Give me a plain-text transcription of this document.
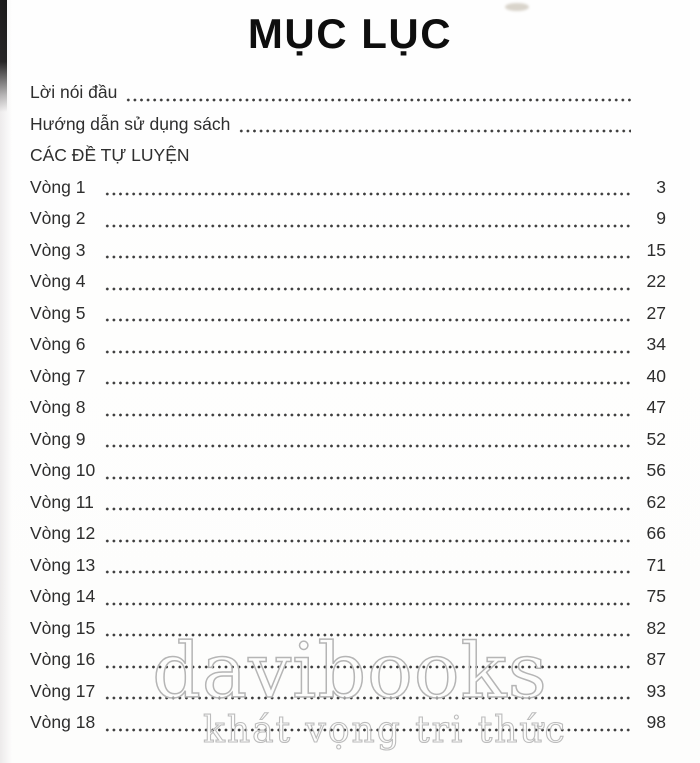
MỤC LỤC
Lời nói đầu
Hướng dẫn sử dụng sách
CÁC ĐỀ TỰ LUYỆN
Vòng 1	3
Vòng 2	9
Vòng 3	15
Vòng 4	22
Vòng 5	27
Vòng 6	34
Vòng 7	40
Vòng 8	47
Vòng 9	52
Vòng 10	56
Vòng 11	62
Vòng 12	66
Vòng 13	71
Vòng 14	75
Vòng 15	82
Vòng 16	87
Vòng 17	93
Vòng 18	98
davibooks
khát vọng tri thức
